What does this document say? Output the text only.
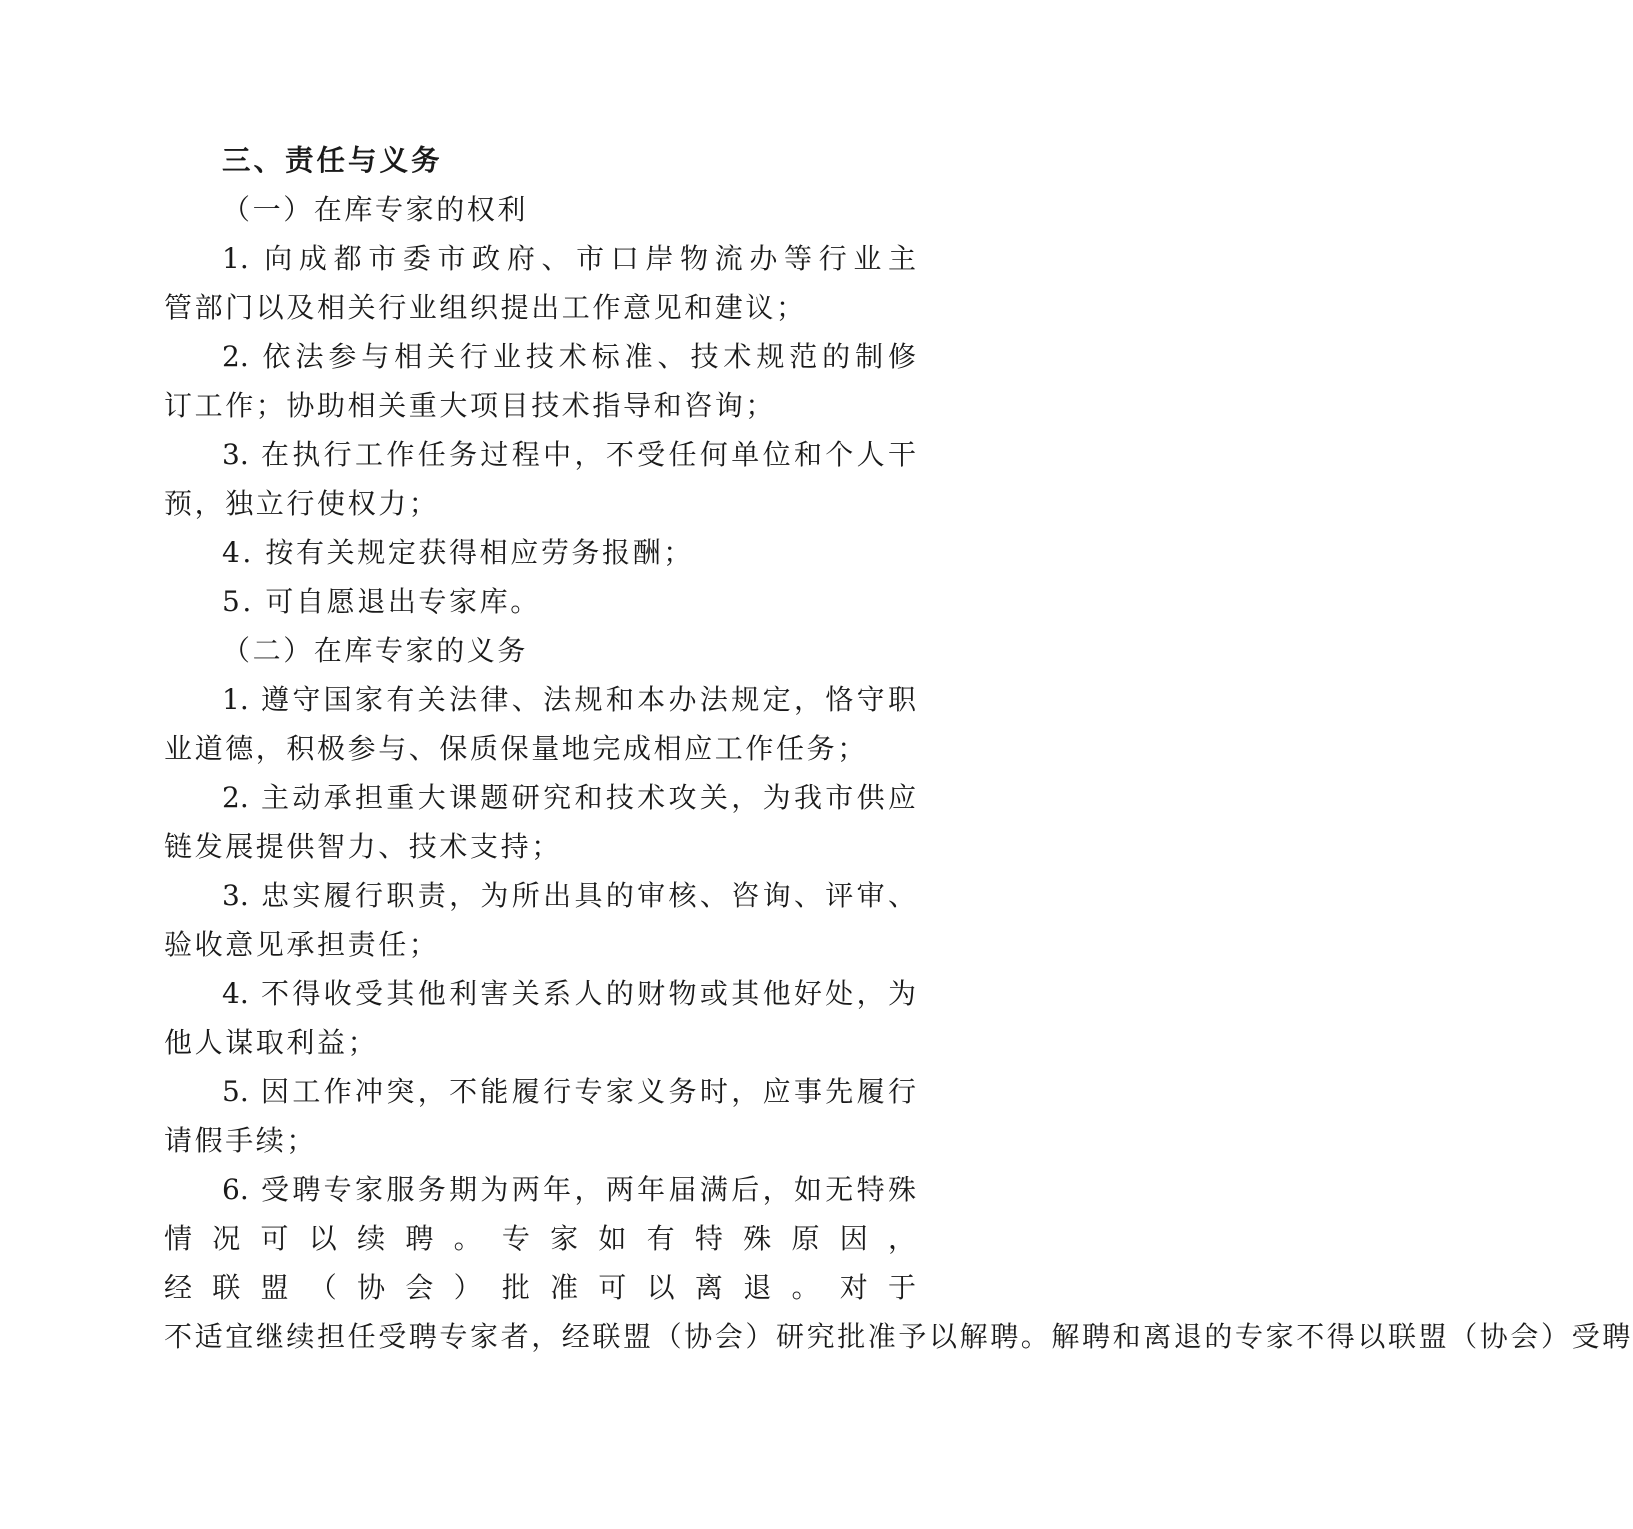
三、责任与义务

（一）在库专家的权利

1. 向成都市委市政府、市口岸物流办等行业主

管部门以及相关行业组织提出工作意见和建议；

2. 依法参与相关行业技术标准、技术规范的制修

订工作；协助相关重大项目技术指导和咨询；

3. 在执行工作任务过程中，不受任何单位和个人干

预，独立行使权力；

4. 按有关规定获得相应劳务报酬；

5. 可自愿退出专家库。

（二）在库专家的义务

1. 遵守国家有关法律、法规和本办法规定，恪守职

业道德，积极参与、保质保量地完成相应工作任务；

2. 主动承担重大课题研究和技术攻关，为我市供应

链发展提供智力、技术支持；

3. 忠实履行职责，为所出具的审核、咨询、评审、

验收意见承担责任；

4. 不得收受其他利害关系人的财物或其他好处，为

他人谋取利益；

5. 因工作冲突，不能履行专家义务时，应事先履行

请假手续；

6. 受聘专家服务期为两年，两年届满后，如无特殊

情况可以续聘。专家如有特殊原因，

经联盟（协会）批准可以离退。对于

不适宜继续担任受聘专家者，经联盟（协会）研究批准予以解聘。解聘和离退的专家不得以联盟（协会）受聘
